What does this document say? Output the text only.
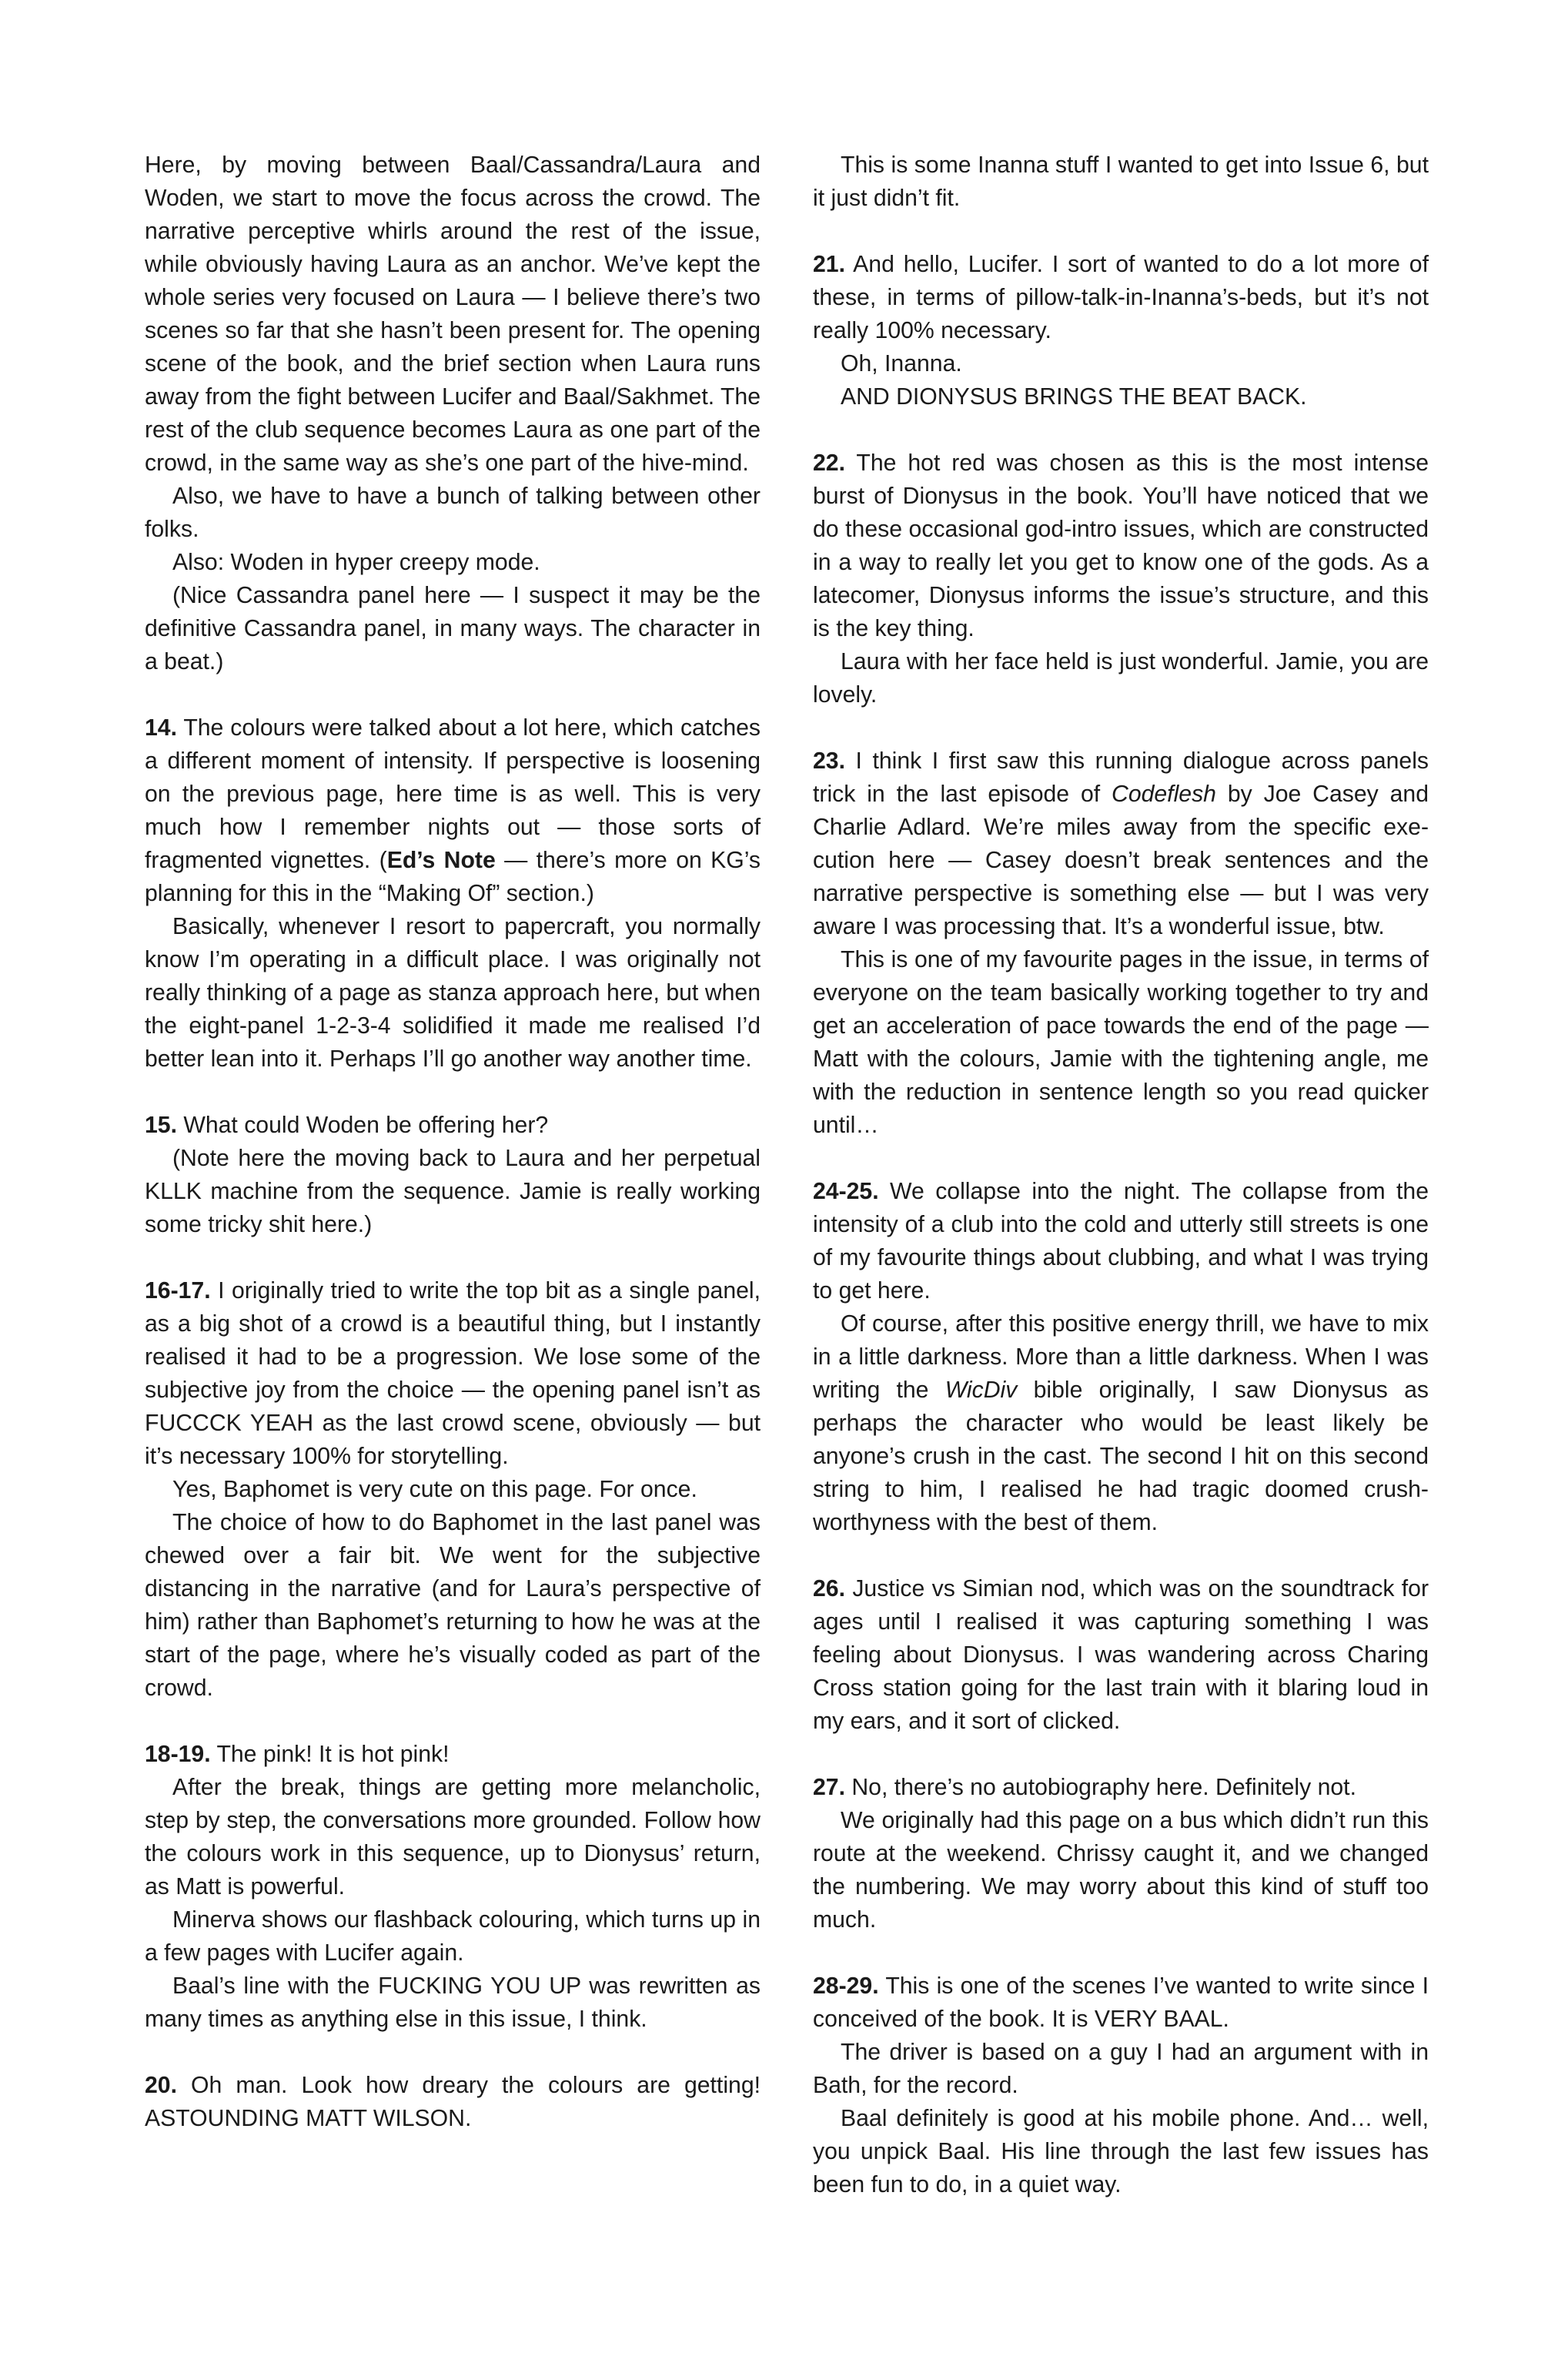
Here, by moving between Baal/Cassandra/Laura and Woden, we start to move the focus across the crowd. The narrative perceptive whirls around the rest of the issue, while obviously having Laura as an anchor. We’ve kept the whole series very focused on Laura — I believe there’s two scenes so far that she hasn’t been present for. The opening scene of the book, and the brief section when Laura runs away from the fight between Lucifer and Baal/Sakhmet. The rest of the club sequence becomes Laura as one part of the crowd, in the same way as she’s one part of the hive-mind.

Also, we have to have a bunch of talking between other folks.

Also: Woden in hyper creepy mode.

(Nice Cassandra panel here — I suspect it may be the definitive Cassandra panel, in many ways. The character in a beat.)

14. The colours were talked about a lot here, which catches a different moment of intensity. If perspective is loosening on the previous page, here time is as well. This is very much how I remember nights out — those sorts of fragmented vignettes. (Ed’s Note — there’s more on KG’s planning for this in the “Making Of” section.)

Basically, whenever I resort to papercraft, you normally know I’m operating in a difficult place. I was originally not really thinking of a page as stanza approach here, but when the eight-panel 1-2-3-4 solidified it made me realised I’d better lean into it. Perhaps I’ll go another way another time.

15. What could Woden be offering her?

(Note here the moving back to Laura and her perpetual KLLK machine from the sequence. Jamie is really working some tricky shit here.)

16-17. I originally tried to write the top bit as a single panel, as a big shot of a crowd is a beautiful thing, but I instantly realised it had to be a progression. We lose some of the subjective joy from the choice — the opening panel isn’t as FUCCCK YEAH as the last crowd scene, obviously — but it’s necessary 100% for storytelling.

Yes, Baphomet is very cute on this page. For once.

The choice of how to do Baphomet in the last panel was chewed over a fair bit. We went for the subjective distancing in the narrative (and for Laura’s perspective of him) rather than Baphomet’s returning to how he was at the start of the page, where he’s visually coded as part of the crowd.

18-19. The pink! It is hot pink!

After the break, things are getting more melancholic, step by step, the conversations more grounded. Follow how the colours work in this sequence, up to Dionysus’ return, as Matt is powerful.

Minerva shows our flashback colouring, which turns up in a few pages with Lucifer again.

Baal’s line with the FUCKING YOU UP was rewritten as many times as anything else in this issue, I think.

20. Oh man. Look how dreary the colours are getting! ASTOUNDING MATT WILSON.

This is some Inanna stuff I wanted to get into Issue 6, but it just didn’t fit.

21. And hello, Lucifer. I sort of wanted to do a lot more of these, in terms of pillow-talk-in-Inanna’s-beds, but it’s not really 100% necessary.

Oh, Inanna.

AND DIONYSUS BRINGS THE BEAT BACK.

22. The hot red was chosen as this is the most intense burst of Dionysus in the book. You’ll have noticed that we do these occasional god-intro issues, which are constructed in a way to really let you get to know one of the gods. As a latecomer, Dionysus informs the issue’s structure, and this is the key thing.

Laura with her face held is just wonderful. Jamie, you are lovely.

23. I think I first saw this running dialogue across panels trick in the last episode of Codeflesh by Joe Casey and Charlie Adlard. We’re miles away from the specific execution here — Casey doesn’t break sentences and the narrative perspective is something else — but I was very aware I was processing that. It’s a wonderful issue, btw.

This is one of my favourite pages in the issue, in terms of everyone on the team basically working together to try and get an acceleration of pace towards the end of the page — Matt with the colours, Jamie with the tightening angle, me with the reduction in sentence length so you read quicker until…

24-25. We collapse into the night. The collapse from the intensity of a club into the cold and utterly still streets is one of my favourite things about clubbing, and what I was trying to get here.

Of course, after this positive energy thrill, we have to mix in a little darkness. More than a little darkness. When I was writing the WicDiv bible originally, I saw Dionysus as perhaps the character who would be least likely be anyone’s crush in the cast. The second I hit on this second string to him, I realised he had tragic doomed crush-worthyness with the best of them.

26. Justice vs Simian nod, which was on the soundtrack for ages until I realised it was capturing something I was feeling about Dionysus. I was wandering across Charing Cross station going for the last train with it blaring loud in my ears, and it sort of clicked.

27. No, there’s no autobiography here. Definitely not.

We originally had this page on a bus which didn’t run this route at the weekend. Chrissy caught it, and we changed the numbering. We may worry about this kind of stuff too much.

28-29. This is one of the scenes I’ve wanted to write since I conceived of the book. It is VERY BAAL.

The driver is based on a guy I had an argument with in Bath, for the record.

Baal definitely is good at his mobile phone. And… well, you unpick Baal. His line through the last few issues has been fun to do, in a quiet way.
